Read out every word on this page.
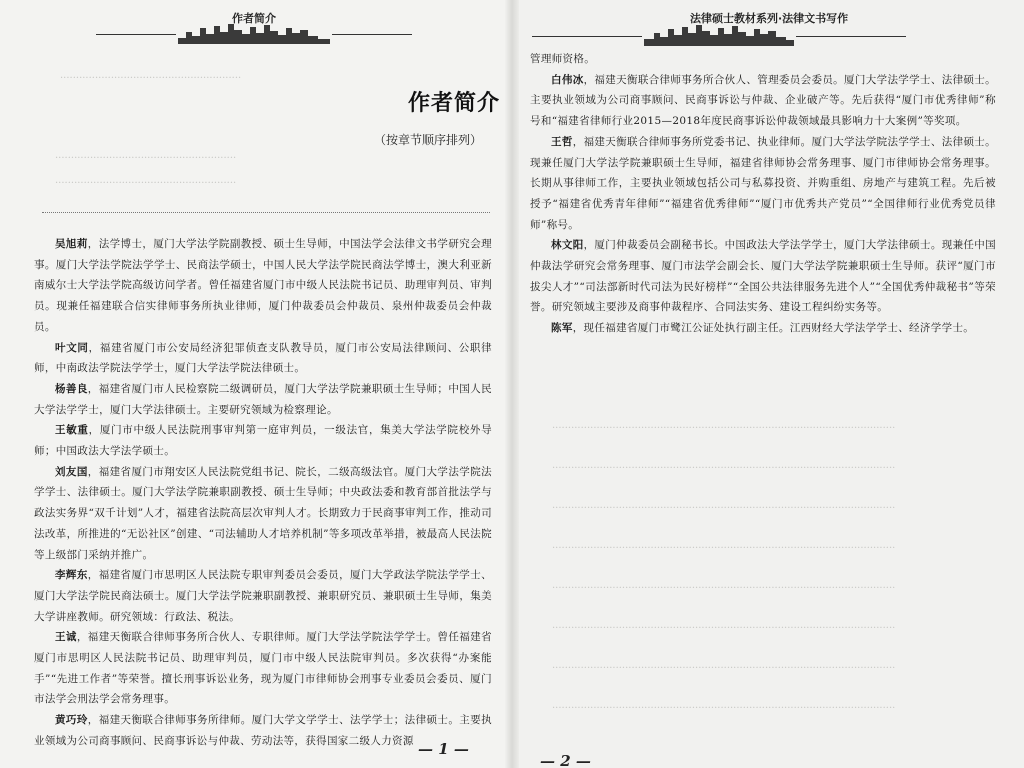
·························································
·························································
·························································
作者简介
作者简介
（按章节顺序排列）

吴旭莉，法学博士，厦门大学法学院副教授、硕士生导师，中国法学会法律文书学研究会理事。厦门大学法学院法学学士、民商法学硕士，中国人民大学法学院民商法学博士，澳大利亚新南威尔士大学法学院高级访问学者。曾任福建省厦门市中级人民法院书记员、助理审判员、审判员。现兼任福建联合信实律师事务所执业律师，厦门仲裁委员会仲裁员、泉州仲裁委员会仲裁员。

叶文同，福建省厦门市公安局经济犯罪侦查支队教导员，厦门市公安局法律顾问、公职律师，中南政法学院法学学士，厦门大学法学院法律硕士。

杨善良，福建省厦门市人民检察院二级调研员，厦门大学法学院兼职硕士生导师；中国人民大学法学学士，厦门大学法律硕士。主要研究领域为检察理论。

王敏重，厦门市中级人民法院刑事审判第一庭审判员，一级法官，集美大学法学院校外导师；中国政法大学法学硕士。

刘友国，福建省厦门市翔安区人民法院党组书记、院长，二级高级法官。厦门大学法学院法学学士、法律硕士。厦门大学法学院兼职副教授、硕士生导师；中央政法委和教育部首批法学与政法实务界“双千计划”人才，福建省法院高层次审判人才。长期致力于民商事审判工作，推动司法改革，所推进的“无讼社区”创建、“司法辅助人才培养机制”等多项改革举措，被最高人民法院等上级部门采纳并推广。

李辉东，福建省厦门市思明区人民法院专职审判委员会委员，厦门大学政法学院法学学士、厦门大学法学院民商法硕士。厦门大学法学院兼职副教授、兼职研究员、兼职硕士生导师，集美大学讲座教师。研究领域：行政法、税法。

王诚，福建天衡联合律师事务所合伙人、专职律师。厦门大学法学院法学学士。曾任福建省厦门市思明区人民法院书记员、助理审判员，厦门市中级人民法院审判员。多次获得“办案能手”“先进工作者”等荣誉。擅长刑事诉讼业务，现为厦门市律师协会刑事专业委员会委员、厦门市法学会刑法学会常务理事。

黄巧玲，福建天衡联合律师事务所律师。厦门大学文学学士、法学学士；法律硕士。主要执业领域为公司商事顾问、民商事诉讼与仲裁、劳动法等，获得国家二级人力资源 — 1 —
············································································································
············································································································
············································································································
············································································································
············································································································
············································································································
············································································································
············································································································
法律硕士教材系列·法律文书写作

管理师资格。

白伟冰，福建天衡联合律师事务所合伙人、管理委员会委员。厦门大学法学学士、法律硕士。主要执业领域为公司商事顾问、民商事诉讼与仲裁、企业破产等。先后获得“厦门市优秀律师”称号和“福建省律师行业2015—2018年度民商事诉讼仲裁领域最具影响力十大案例”等奖项。

王哲，福建天衡联合律师事务所党委书记、执业律师。厦门大学法学院法学学士、法律硕士。现兼任厦门大学法学院兼职硕士生导师，福建省律师协会常务理事、厦门市律师协会常务理事。长期从事律师工作，主要执业领域包括公司与私募投资、并购重组、房地产与建筑工程。先后被授予“福建省优秀青年律师”“福建省优秀律师”“厦门市优秀共产党员”“全国律师行业优秀党员律师”称号。

林文阳，厦门仲裁委员会副秘书长。中国政法大学法学学士，厦门大学法律硕士。现兼任中国仲裁法学研究会常务理事、厦门市法学会副会长、厦门大学法学院兼职硕士生导师。获评“厦门市拔尖人才”“司法部新时代司法为民好榜样”“全国公共法律服务先进个人”“全国优秀仲裁秘书”等荣誉。研究领域主要涉及商事仲裁程序、合同法实务、建设工程纠纷实务等。

陈军，现任福建省厦门市鹭江公证处执行副主任。江西财经大学法学学士、经济学学士。

— 2 —
